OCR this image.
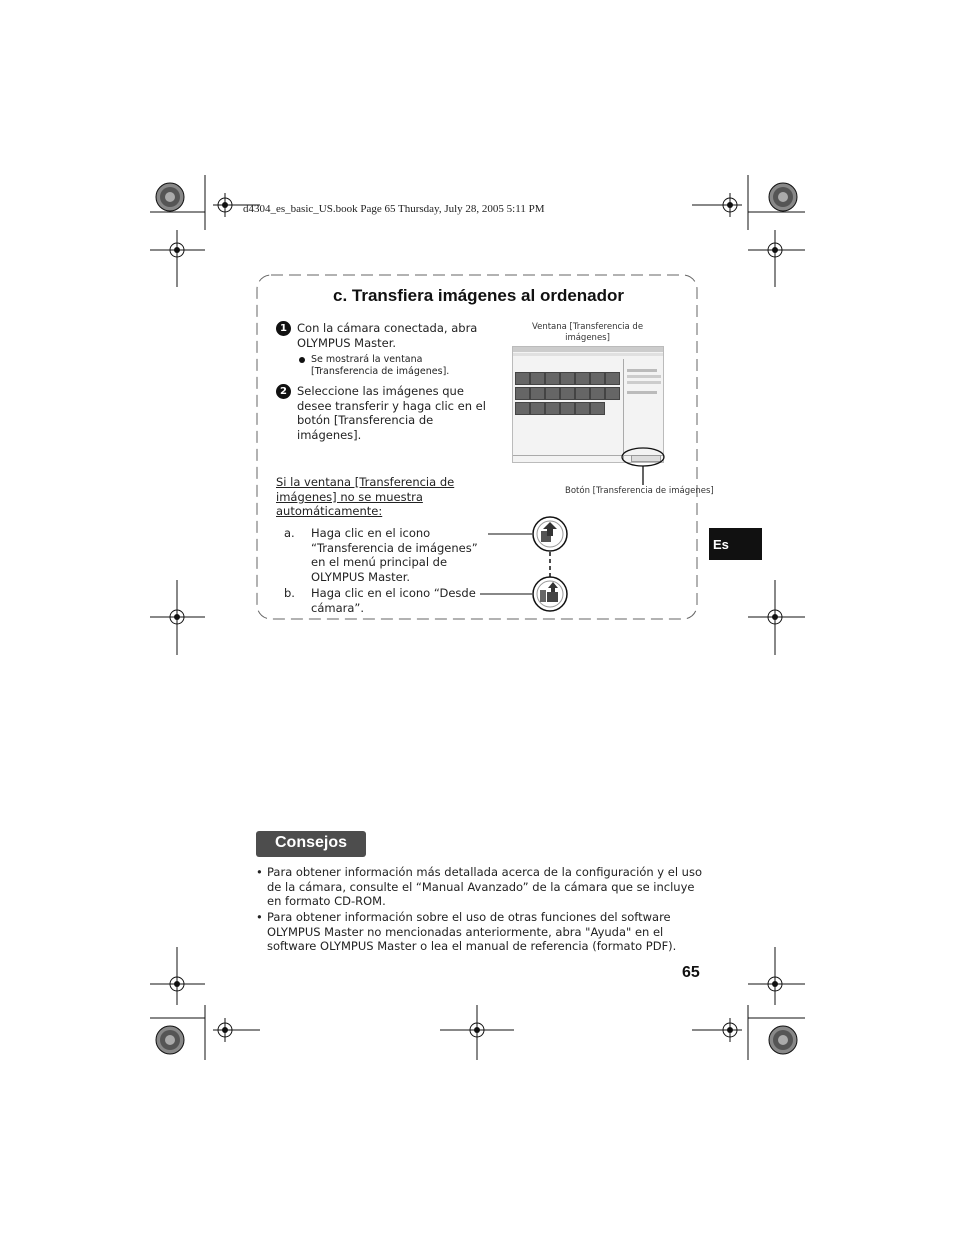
d4304_es_basic_US.book Page 65 Thursday, July 28, 2005 5:11 PM
c. Transfiera imágenes al ordenador
1 Con la cámara conectada, abra OLYMPUS Master.
Se mostrará la ventana [Transferencia de imágenes].
2 Seleccione las imágenes que desee transferir y haga clic en el botón [Transferencia de imágenes].
Ventana [Transferencia de imágenes]
Botón [Transferencia de imágenes]
Si la ventana [Transferencia de imágenes] no se muestra automáticamente:
a. Haga clic en el icono “Transferencia de imágenes” en el menú principal de OLYMPUS Master.
b. Haga clic en el icono “Desde cámara”.
Es
Consejos
• Para obtener información más detallada acerca de la configuración y el uso de la cámara, consulte el “Manual Avanzado” de la cámara que se incluye en formato CD-ROM.
• Para obtener información sobre el uso de otras funciones del software OLYMPUS Master no mencionadas anteriormente, abra "Ayuda" en el software OLYMPUS Master o lea el manual de referencia (formato PDF).
65
